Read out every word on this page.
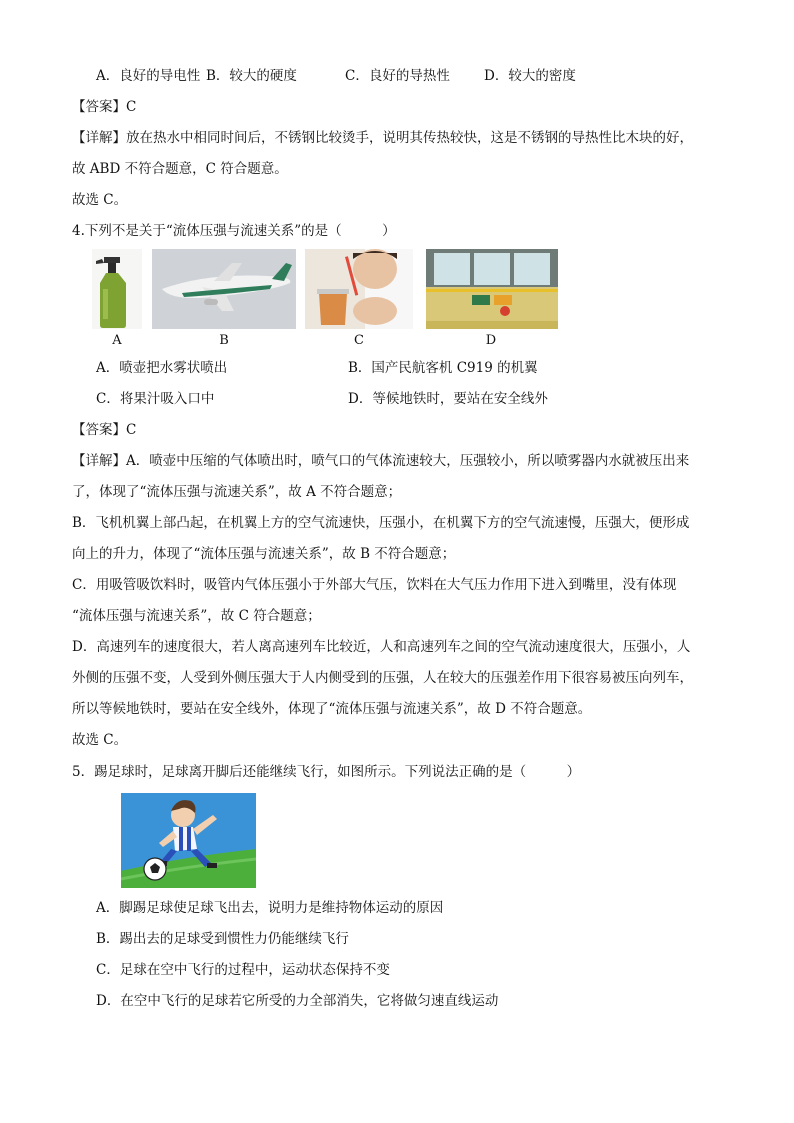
A．良好的导电性 B．较大的硬度	C．良好的导热性	D．较大的密度
【答案】C
【详解】放在热水中相同时间后，不锈钢比较烫手，说明其传热较快，这是不锈钢的导热性比木块的好，
故 ABD 不符合题意，C 符合题意。
故选 C。
4.下列不是关于“流体压强与流速关系”的是（　　　）
A	B	C	D
A．喷壶把水雾状喷出	B．国产民航客机 C919 的机翼
C．将果汁吸入口中	D．等候地铁时，要站在安全线外
【答案】C
【详解】A．喷壶中压缩的气体喷出时，喷气口的气体流速较大，压强较小，所以喷雾器内水就被压出来
了，体现了“流体压强与流速关系”，故 A 不符合题意；
B．飞机机翼上部凸起，在机翼上方的空气流速快，压强小，在机翼下方的空气流速慢，压强大，便形成
向上的升力，体现了“流体压强与流速关系”，故 B 不符合题意；
C．用吸管吸饮料时，吸管内气体压强小于外部大气压，饮料在大气压力作用下进入到嘴里，没有体现
“流体压强与流速关系”，故 C 符合题意；
D．高速列车的速度很大，若人离高速列车比较近，人和高速列车之间的空气流动速度很大，压强小，人
外侧的压强不变，人受到外侧压强大于人内侧受到的压强，人在较大的压强差作用下很容易被压向列车，
所以等候地铁时，要站在安全线外，体现了“流体压强与流速关系”，故 D 不符合题意。
故选 C。
5．踢足球时，足球离开脚后还能继续飞行，如图所示。下列说法正确的是（　　　）
A．脚踢足球使足球飞出去，说明力是维持物体运动的原因
B．踢出去的足球受到惯性力仍能继续飞行
C．足球在空中飞行的过程中，运动状态保持不变
D．在空中飞行的足球若它所受的力全部消失，它将做匀速直线运动
